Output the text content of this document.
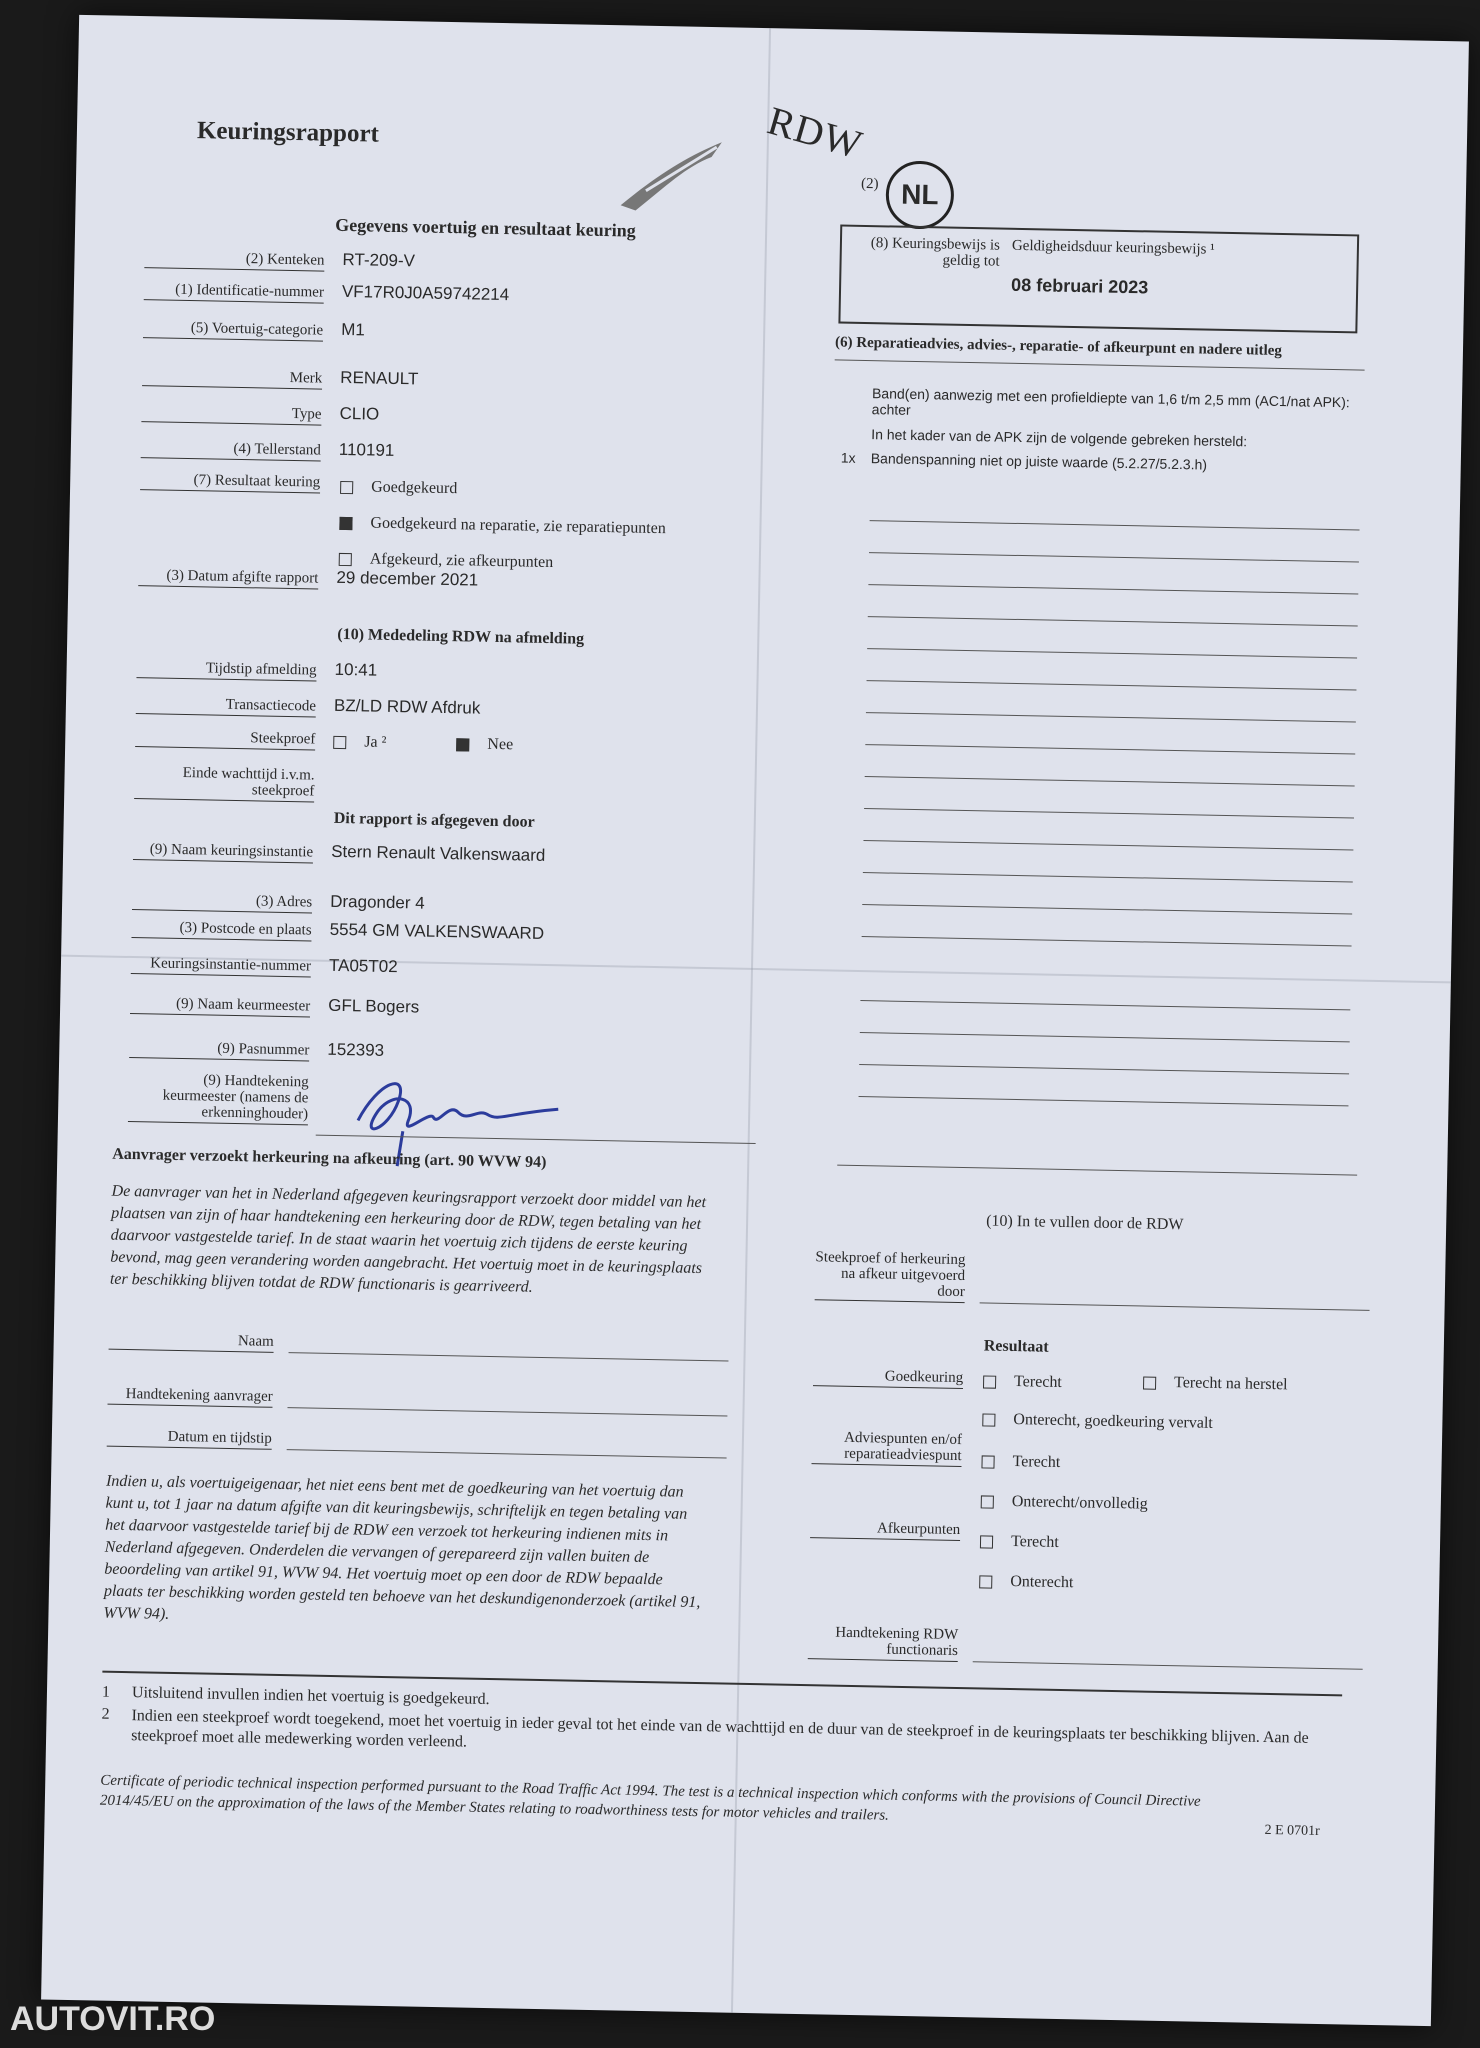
Keuringsrapport	RDW
(2) NL
Gegevens voertuig en resultaat keuring
(8) Keuringsbewijs is geldig tot
Geldigheidsduur keuringsbewijs ¹
08 februari 2023
(2) Kenteken RT-209-V
(1) Identificatie-nummer VF17R0J0A59742214
(5) Voertuig-categorie M1
Merk RENAULT
Type CLIO
(4) Tellerstand 110191
(7) Resultaat keuring	Goedgekeurd
Goedgekeurd na reparatie, zie reparatiepunten
Afgekeurd, zie afkeurpunten
(3) Datum afgifte rapport 29 december 2021
(10) Mededeling RDW na afmelding
Tijdstip afmelding 10:41
Transactiecode BZ/LD RDW Afdruk
Steekproef	Ja ²	Nee
Einde wachttijd i.v.m. steekproef
Dit rapport is afgegeven door
(9) Naam keuringsinstantie Stern Renault Valkenswaard
(3) Adres Dragonder 4
(3) Postcode en plaats 5554 GM VALKENSWAARD
Keuringsinstantie-nummer TA05T02
(9) Naam keurmeester GFL Bogers
(9) Pasnummer 152393
(9) Handtekening keurmeester (namens de erkenninghouder)
(6) Reparatieadvies, advies-, reparatie- of afkeurpunt en nadere uitleg
Band(en) aanwezig met een profieldiepte van 1,6 t/m 2,5 mm (AC1/nat APK): achter
In het kader van de APK zijn de volgende gebreken hersteld:
1x Bandenspanning niet op juiste waarde (5.2.27/5.2.3.h)
Aanvrager verzoekt herkeuring na afkeuring (art. 90 WVW 94)
De aanvrager van het in Nederland afgegeven keuringsrapport verzoekt door middel van het plaatsen van zijn of haar handtekening een herkeuring door de RDW, tegen betaling van het daarvoor vastgestelde tarief. In de staat waarin het voertuig zich tijdens de eerste keuring bevond, mag geen verandering worden aangebracht. Het voertuig moet in de keuringsplaats ter beschikking blijven totdat de RDW functionaris is gearriveerd.
Naam
Handtekening aanvrager
Datum en tijdstip
Indien u, als voertuigeigenaar, het niet eens bent met de goedkeuring van het voertuig dan kunt u, tot 1 jaar na datum afgifte van dit keuringsbewijs, schriftelijk en tegen betaling van het daarvoor vastgestelde tarief bij de RDW een verzoek tot herkeuring indienen mits in Nederland afgegeven. Onderdelen die vervangen of gerepareerd zijn vallen buiten de beoordeling van artikel 91, WVW 94. Het voertuig moet op een door de RDW bepaalde plaats ter beschikking worden gesteld ten behoeve van het deskundigenonderzoek (artikel 91, WVW 94).
(10) In te vullen door de RDW
Steekproef of herkeuring na afkeur uitgevoerd door
Resultaat
Goedkeuring	Terecht	Terecht na herstel
Onterecht, goedkeuring vervalt
Adviespunten en/of reparatieadviespunt	Terecht
Onterecht/onvolledig
Afkeurpunten
Terecht
Onterecht
Handtekening RDW functionaris
1 Uitsluitend invullen indien het voertuig is goedgekeurd.
2 Indien een steekproef wordt toegekend, moet het voertuig in ieder geval tot het einde van de wachttijd en de duur van de steekproef in de keuringsplaats ter beschikking blijven. Aan de steekproef moet alle medewerking worden verleend.
Certificate of periodic technical inspection performed pursuant to the Road Traffic Act 1994. The test is a technical inspection which conforms with the provisions of Council Directive 2014/45/EU on the approximation of the laws of the Member States relating to roadworthiness tests for motor vehicles and trailers.
2 E 0701r
AUTOVIT.RO
